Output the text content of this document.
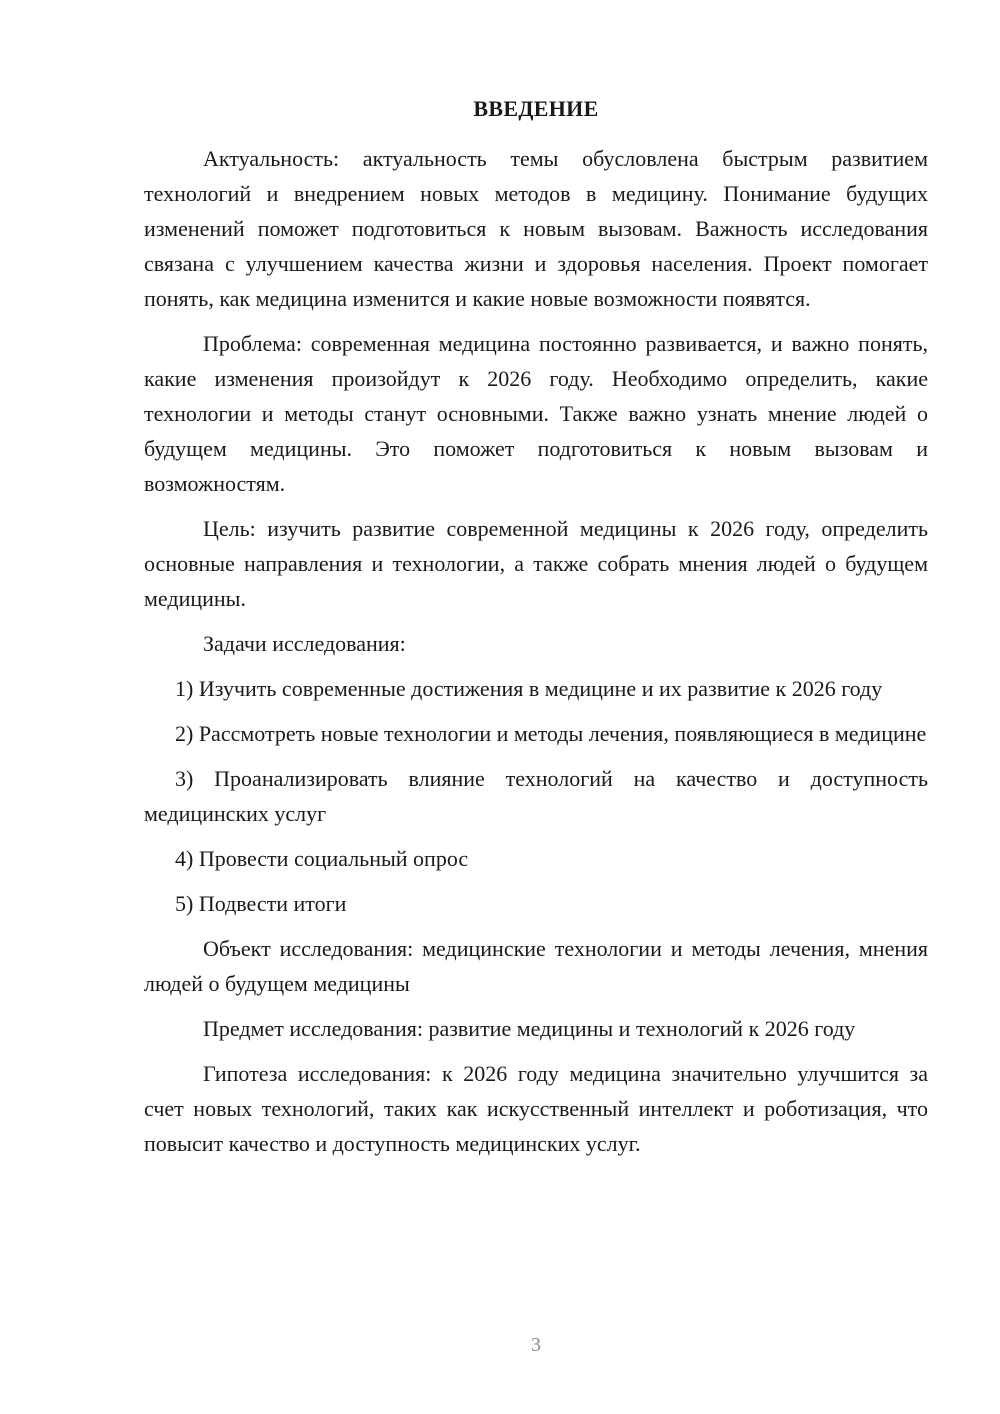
ВВЕДЕНИЕ

Актуальность: актуальность темы обусловлена быстрым развитием технологий и внедрением новых методов в медицину. Понимание будущих изменений поможет подготовиться к новым вызовам. Важность исследования связана с улучшением качества жизни и здоровья населения. Проект помогает понять, как медицина изменится и какие новые возможности появятся.

Проблема: современная медицина постоянно развивается, и важно понять, какие изменения произойдут к 2026 году. Необходимо определить, какие технологии и методы станут основными. Также важно узнать мнение людей о будущем медицины. Это поможет подготовиться к новым вызовам и возможностям.

Цель: изучить развитие современной медицины к 2026 году, определить основные направления и технологии, а также собрать мнения людей о будущем медицины.

Задачи исследования:

1) Изучить современные достижения в медицине и их развитие к 2026 году

2) Рассмотреть новые технологии и методы лечения, появляющиеся в медицине

3) Проанализировать влияние технологий на качество и доступность медицинских услуг

4) Провести социальный опрос

5) Подвести итоги

Объект исследования: медицинские технологии и методы лечения, мнения людей о будущем медицины

Предмет исследования: развитие медицины и технологий к 2026 году

Гипотеза исследования: к 2026 году медицина значительно улучшится за счет новых технологий, таких как искусственный интеллект и роботизация, что повысит качество и доступность медицинских услуг.

3
